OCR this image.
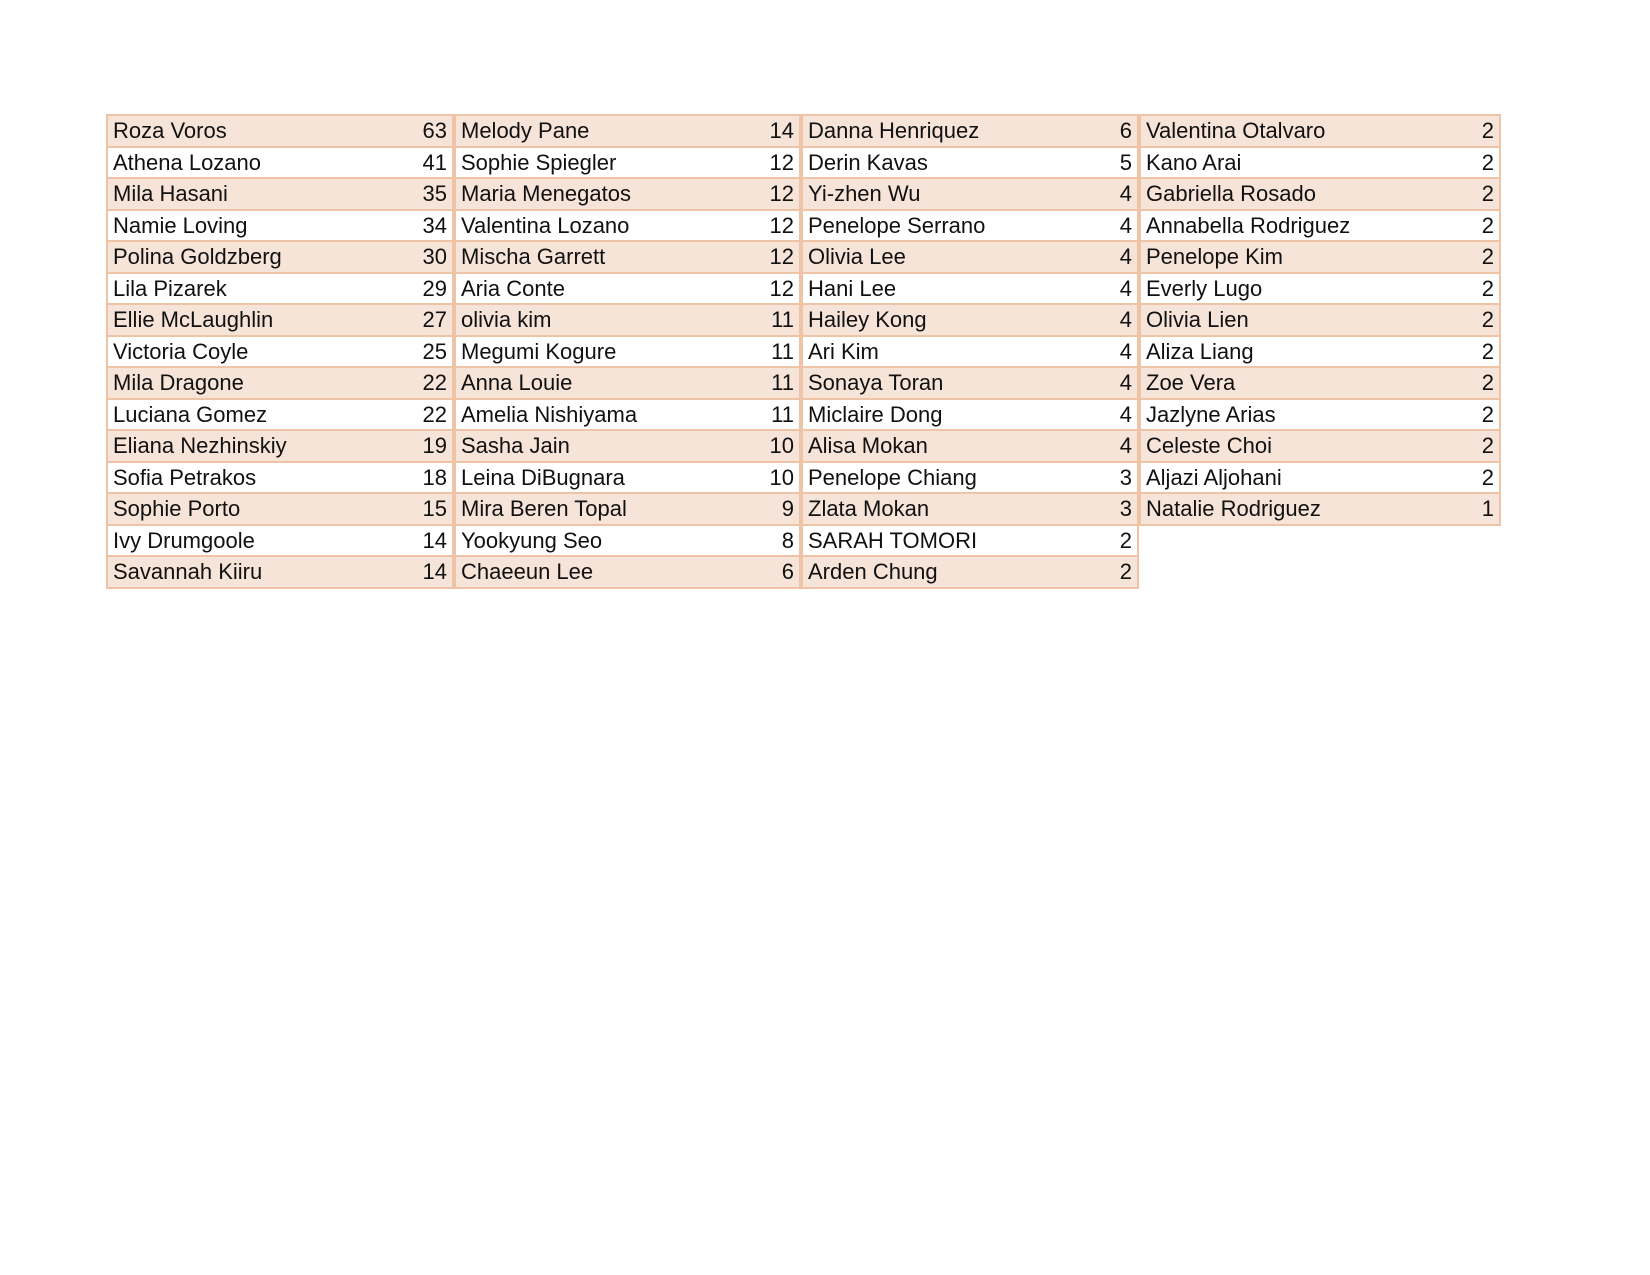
Roza Voros	63
Athena Lozano	41
Mila Hasani	35
Namie Loving	34
Polina Goldzberg	30
Lila Pizarek	29
Ellie McLaughlin	27
Victoria Coyle	25
Mila Dragone	22
Luciana Gomez	22
Eliana Nezhinskiy	19
Sofia Petrakos	18
Sophie Porto	15
Ivy Drumgoole	14
Savannah Kiiru	14
Melody Pane	14
Sophie Spiegler	12
Maria Menegatos	12
Valentina Lozano	12
Mischa Garrett	12
Aria Conte	12
olivia kim	11
Megumi Kogure	11
Anna Louie	11
Amelia Nishiyama	11
Sasha Jain	10
Leina DiBugnara	10
Mira Beren Topal	9
Yookyung Seo	8
Chaeeun Lee	6
Danna Henriquez	6
Derin Kavas	5
Yi-zhen Wu	4
Penelope Serrano	4
Olivia Lee	4
Hani Lee	4
Hailey Kong	4
Ari Kim	4
Sonaya Toran	4
Miclaire Dong	4
Alisa Mokan	4
Penelope Chiang	3
Zlata Mokan	3
SARAH TOMORI	2
Arden Chung	2
Valentina Otalvaro	2
Kano Arai	2
Gabriella Rosado	2
Annabella Rodriguez	2
Penelope Kim	2
Everly Lugo	2
Olivia Lien	2
Aliza Liang	2
Zoe Vera	2
Jazlyne Arias	2
Celeste Choi	2
Aljazi Aljohani	2
Natalie Rodriguez	1
